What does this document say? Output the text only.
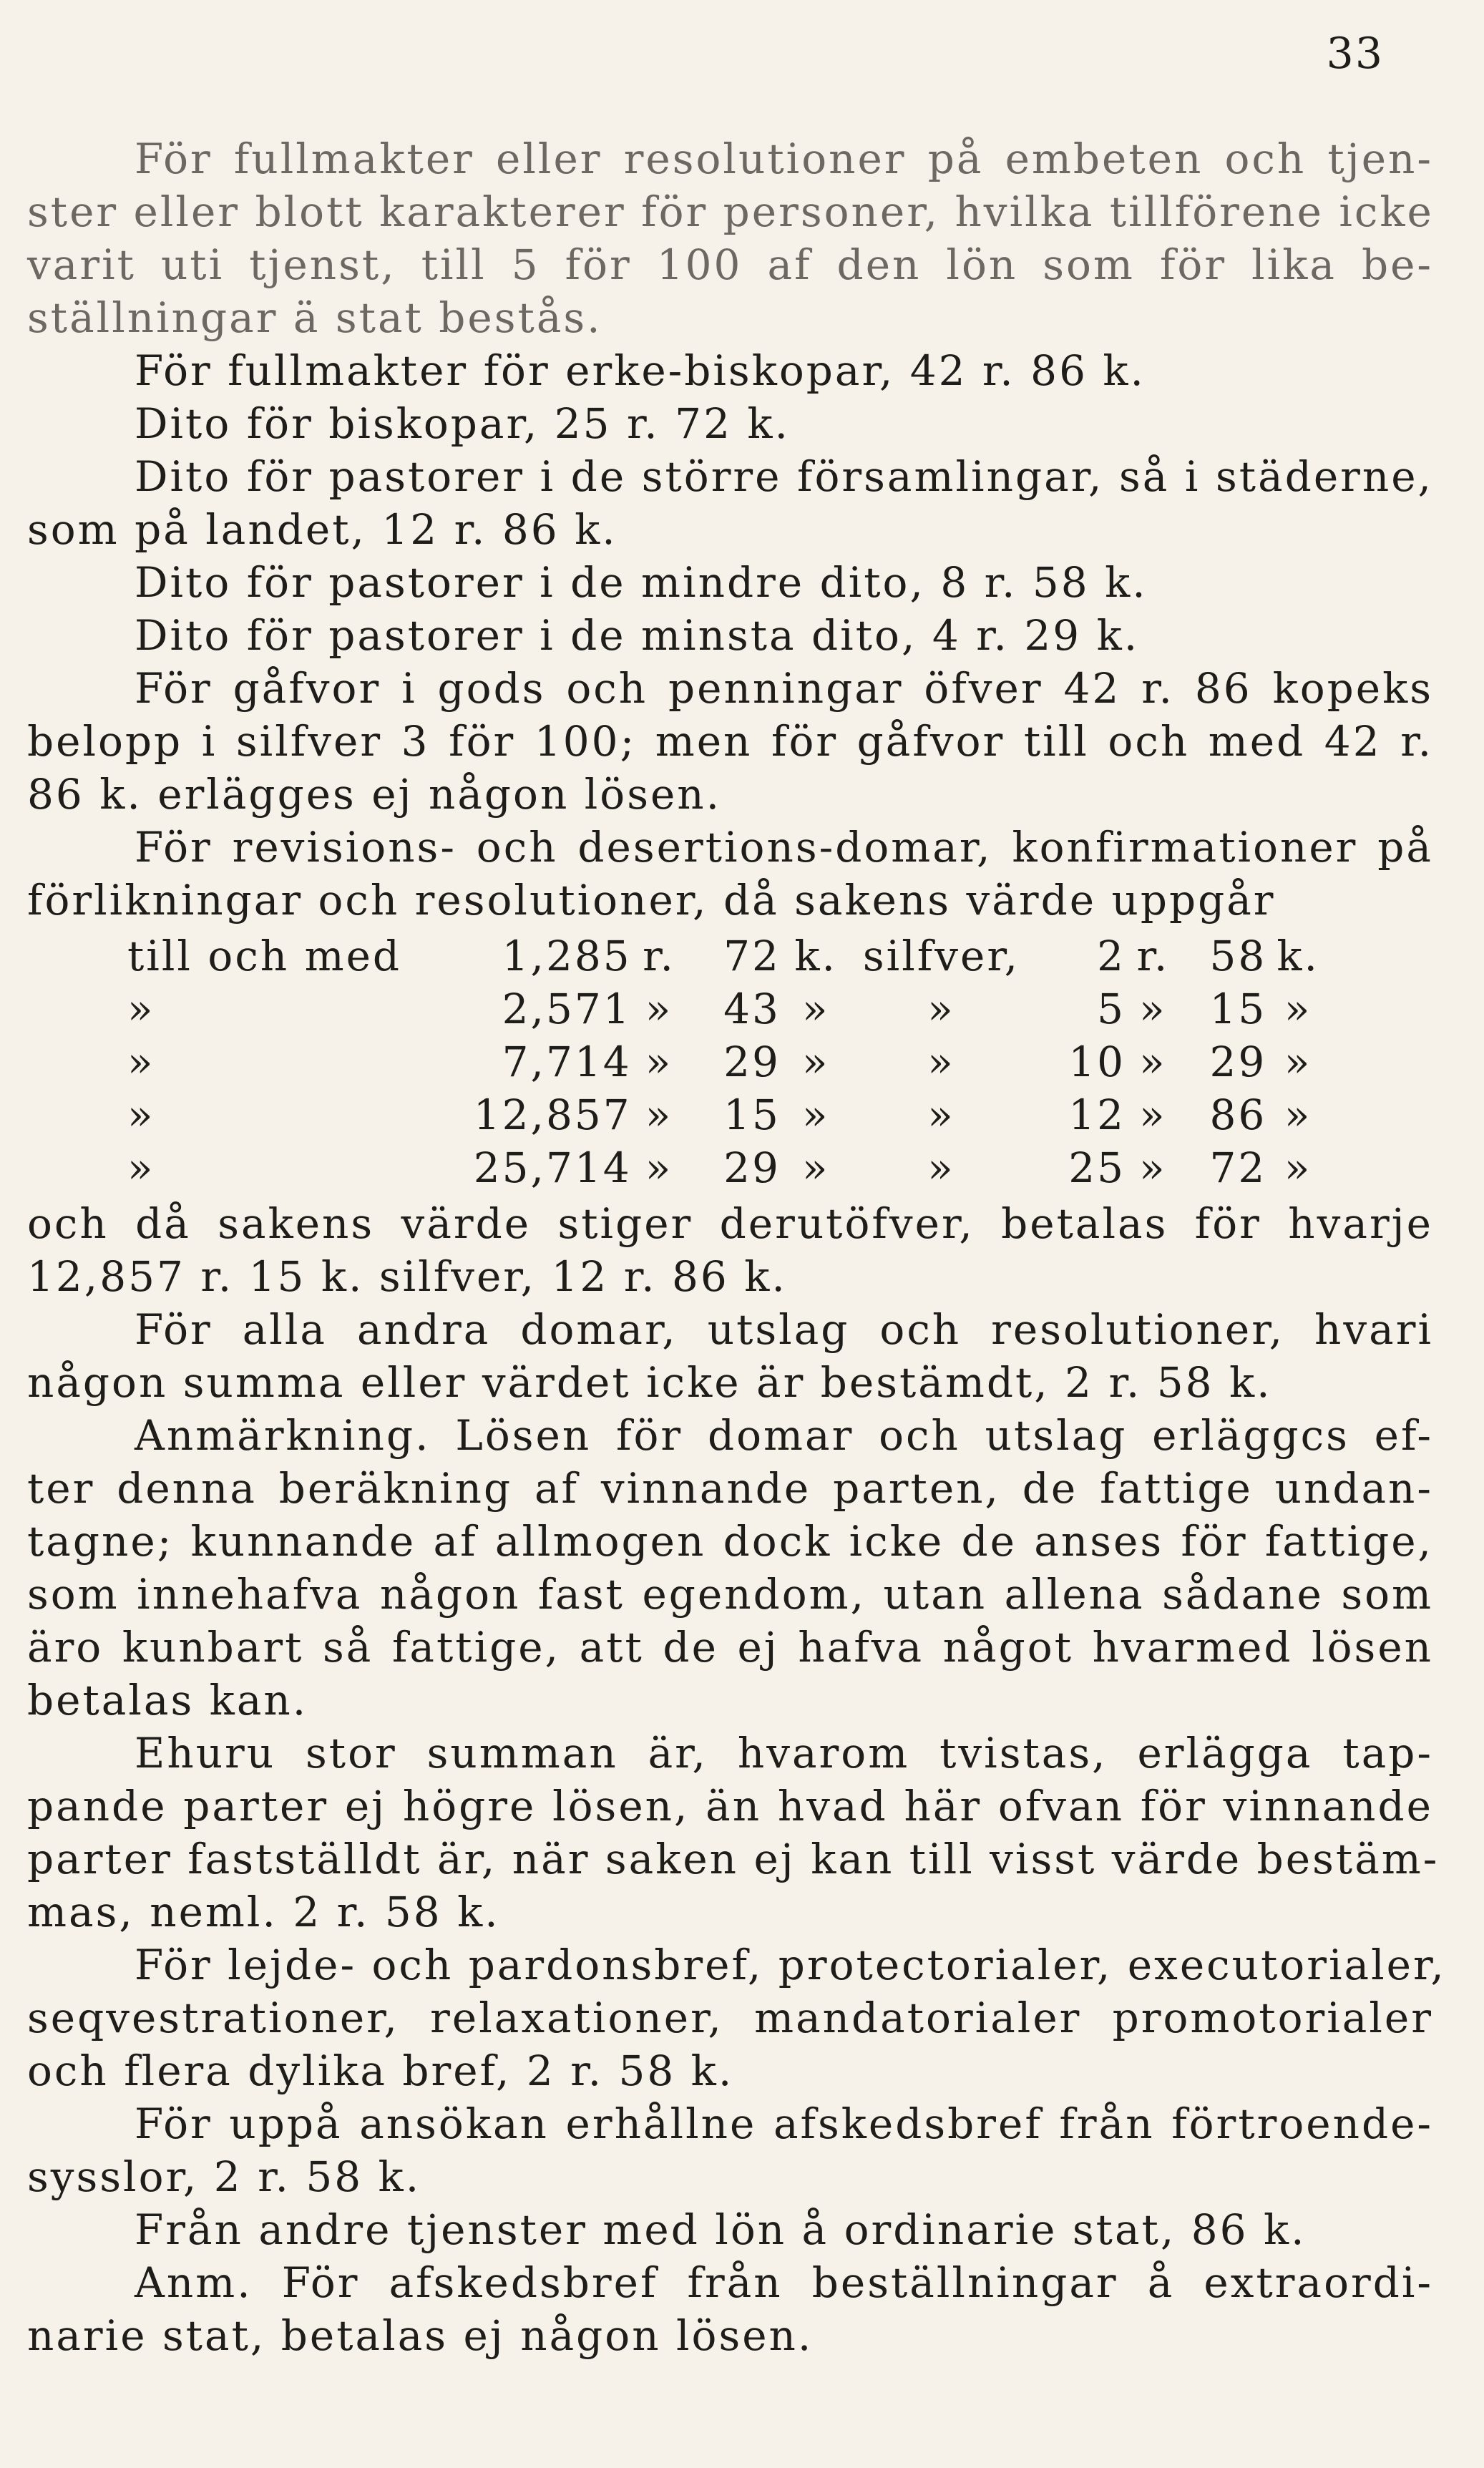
33
För fullmakter eller resolutioner på embeten och tjen-
ster eller blott karakterer för personer, hvilka tillförene icke
varit uti tjenst, till 5 för 100 af den lön som för lika be-
ställningar ä stat bestås.
För fullmakter för erke-biskopar, 42 r. 86 k.
Dito för biskopar, 25 r. 72 k.
Dito för pastorer i de större församlingar, så i städerne,
som på landet, 12 r. 86 k.
Dito för pastorer i de mindre dito, 8 r. 58 k.
Dito för pastorer i de minsta dito, 4 r. 29 k.
För gåfvor i gods och penningar öfver 42 r. 86 kopeks
belopp i silfver 3 för 100; men för gåfvor till och med 42 r.
86 k. erlägges ej någon lösen.
För revisions- och desertions-domar, konfirmationer på
förlikningar och resolutioner, då sakens värde uppgår
till och med	1,285	r.	72	k.	silfver,	2	r.	58	k.
»	2,571	»	43	»	»	5	»	15	»
»	7,714	»	29	»	»	10	»	29	»
»	12,857	»	15	»	»	12	»	86	»
»	25,714	»	29	»	»	25	»	72	»
och då sakens värde stiger derutöfver, betalas för hvarje
12,857 r. 15 k. silfver, 12 r. 86 k.
För alla andra domar, utslag och resolutioner, hvari
någon summa eller värdet icke är bestämdt, 2 r. 58 k.
Anmärkning. Lösen för domar och utslag erläggcs ef-
ter denna beräkning af vinnande parten, de fattige undan-
tagne; kunnande af allmogen dock icke de anses för fattige,
som innehafva någon fast egendom, utan allena sådane som
äro kunbart så fattige, att de ej hafva något hvarmed lösen
betalas kan.
Ehuru stor summan är, hvarom tvistas, erlägga tap-
pande parter ej högre lösen, än hvad här ofvan för vinnande
parter fastställdt är, när saken ej kan till visst värde bestäm-
mas, neml. 2 r. 58 k.
För lejde- och pardonsbref, protectorialer, executorialer,
seqvestrationer, relaxationer, mandatorialer promotorialer
och flera dylika bref, 2 r. 58 k.
För uppå ansökan erhållne afskedsbref från förtroende-
sysslor, 2 r. 58 k.
Från andre tjenster med lön å ordinarie stat, 86 k.
Anm. För afskedsbref från beställningar å extraordi-
narie stat, betalas ej någon lösen.
